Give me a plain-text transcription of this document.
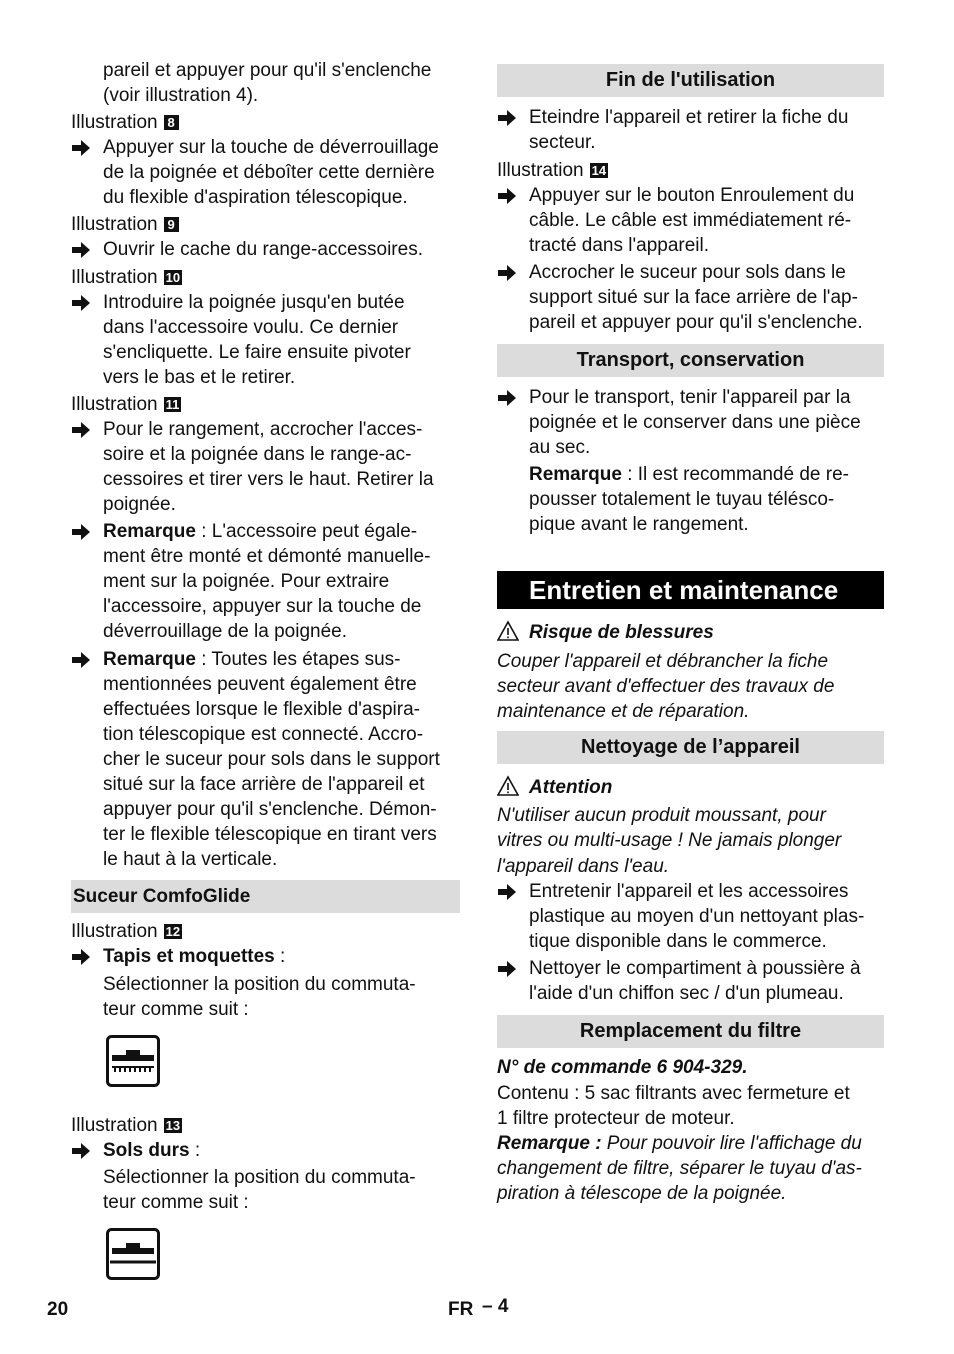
pareil et appuyer pour qu'il s'enclenche
(voir illustration 4).
Illustration 8
Appuyer sur la touche de déverrouillage
de la poignée et déboîter cette dernière
du flexible d'aspiration télescopique.
Illustration 9
Ouvrir le cache du range-accessoires.
Illustration 10
Introduire la poignée jusqu'en butée
dans l'accessoire voulu. Ce dernier
s'encliquette. Le faire ensuite pivoter
vers le bas et le retirer.
Illustration 11
Pour le rangement, accrocher l'acces-
soire et la poignée dans le range-ac-
cessoires et tirer vers le haut. Retirer la
poignée.
Remarque : L'accessoire peut égale-
ment être monté et démonté manuelle-
ment sur la poignée. Pour extraire
l'accessoire, appuyer sur la touche de
déverrouillage de la poignée.
Remarque : Toutes les étapes sus-
mentionnées peuvent également être
effectuées lorsque le flexible d'aspira-
tion télescopique est connecté. Accro-
cher le suceur pour sols dans le support
situé sur la face arrière de l'appareil et
appuyer pour qu'il s'enclenche. Démon-
ter le flexible télescopique en tirant vers
le haut à la verticale.
Suceur ComfoGlide
Illustration 12
Tapis et moquettes :
Sélectionner la position du commuta-
teur comme suit :
Illustration 13
Sols durs :
Sélectionner la position du commuta-
teur comme suit :
Fin de l'utilisation
Eteindre l'appareil et retirer la fiche du
secteur.
Illustration 14
Appuyer sur le bouton Enroulement du
câble. Le câble est immédiatement ré-
tracté dans l'appareil.
Accrocher le suceur pour sols dans le
support situé sur la face arrière de l'ap-
pareil et appuyer pour qu'il s'enclenche.
Transport, conservation
Pour le transport, tenir l'appareil par la
poignée et le conserver dans une pièce
au sec.
Remarque : Il est recommandé de re-
pousser totalement le tuyau télésco-
pique avant le rangement.
Entretien et maintenance
Risque de blessures
Couper l'appareil et débrancher la fiche
secteur avant d'effectuer des travaux de
maintenance et de réparation.
Nettoyage de l’appareil
Attention
N'utiliser aucun produit moussant, pour
vitres ou multi-usage ! Ne jamais plonger
l'appareil dans l'eau.
Entretenir l'appareil et les accessoires
plastique au moyen d'un nettoyant plas-
tique disponible dans le commerce.
Nettoyer le compartiment à poussière à
l'aide d'un chiffon sec / d'un plumeau.
Remplacement du filtre
N° de commande 6 904-329.
Contenu : 5 sac filtrants avec fermeture et
1 filtre protecteur de moteur.
Remarque : Pour pouvoir lire l'affichage du
changement de filtre, séparer le tuyau d'as-
piration à télescope de la poignée.
20	FR – 4
